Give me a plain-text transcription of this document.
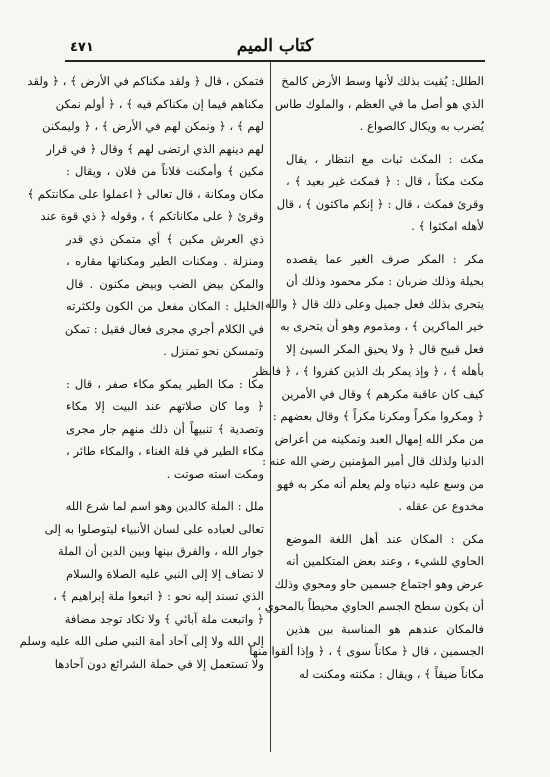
٤٧١	كتاب الميم
الطلل: يُقيت بذلك لأنها وسط الأرض كالمخ
الذي هو أصل ما في العظم ، والملوك طاس
يُضرب به ويكال كالصواع .
مكث : المكث ثبات مع انتظار ، يقال
مكث مكثاً ، قال : ﴿ فمكث غير بعيد ﴾ ،
وقرئ فمكث ، قال : ﴿ إنكم ماكثون ﴾ ، قال
لأهله امكثوا ﴾ .
مكر : المكر صرف الغير عما يقصده
بحيلة وذلك ضربان : مكر محمود وذلك أن
يتحرى بذلك فعل جميل وعلى ذلك قال ﴿ والله
خير الماكرين ﴾ ، ومذموم وهو أن يتحرى به
فعل قبيح قال ﴿ ولا يحيق المكر السيئ إلا
بأهله ﴾ ، ﴿ وإذ يمكر بك الذين كفروا ﴾ ، ﴿ فانظر
كيف كان عاقبة مكرهم ﴾ وقال في الأمرين
﴿ ومكروا مكراً ومكرنا مكراً ﴾ وقال بعضهم :
من مكر الله إمهال العبد وتمكينه من أعراض
الدنيا ولذلك قال أمير المؤمنين رضي الله عنه :
من وسع عليه دنياه ولم يعلم أنه مكر به فهو
مخدوع عن عقله .
مكن : المكان عند أهل اللغة الموضع
الحاوي للشيء ، وعند بعض المتكلمين أنه
عرض وهو اجتماع جسمين حاو ومحوي وذلك
أن يكون سطح الجسم الحاوي محيطاً بالمحوي ،
فالمكان عندهم هو المناسبة بين هذين
الجسمين ، قال ﴿ مكاناً سوى ﴾ ، ﴿ وإذا ألقوا منها
مكاناً ضيقاً ﴾ ، ويقال : مكنته ومكنت له
فتمكن ، قال ﴿ ولقد مكناكم في الأرض ﴾ ، ﴿ ولقد
مكناهم فيما إن مكناكم فيه ﴾ ، ﴿ أولم نمكن
لهم ﴾ ، ﴿ ونمكن لهم في الأرض ﴾ ، ﴿ وليمكنن
لهم دينهم الذي ارتضى لهم ﴾ وقال ﴿ في قرار
مكين ﴾ وأمكنت فلاناً من فلان ، ويقال :
مكان ومكانة ، قال تعالى ﴿ اعملوا على مكانتكم ﴾
وقرئ ﴿ على مكاناتكم ﴾ ، وقوله ﴿ ذي قوة عند
ذي العرش مكين ﴾ أي متمكن ذي قدر
ومنزلة . ومكنات الطير ومكناتها مقاره ،
والمكن بيض الضب وبيض مكنون . قال
الخليل : المكان مفعل من الكون ولكثرته
في الكلام أجري مجرى فعال فقيل : تمكن
وتمسكن نحو تمنزل .
مكا : مكا الطير يمكو مكاء صفر ، قال :
﴿ وما كان صلاتهم عند البيت إلا مكاء
وتصدية ﴾ تنبيهاً أن ذلك منهم جار مجرى
مكاء الطير في قلة الغناء ، والمكاء طائر ،
ومكت استه صوتت .
ملل : الملة كالدين وهو اسم لما شرع الله
تعالى لعباده على لسان الأنبياء ليتوصلوا به إلى
جوار الله ، والفرق بينها وبين الدين أن الملة
لا تضاف إلا إلى النبي عليه الصلاة والسلام
الذي تسند إليه نحو : ﴿ اتبعوا ملة إبراهيم ﴾ ،
﴿ واتبعت ملة آبائي ﴾ ولا تكاد توجد مضافة
إلى الله ولا إلى آحاد أمة النبي صلى الله عليه وسلم
ولا تستعمل إلا في حملة الشرائع دون آحادها
